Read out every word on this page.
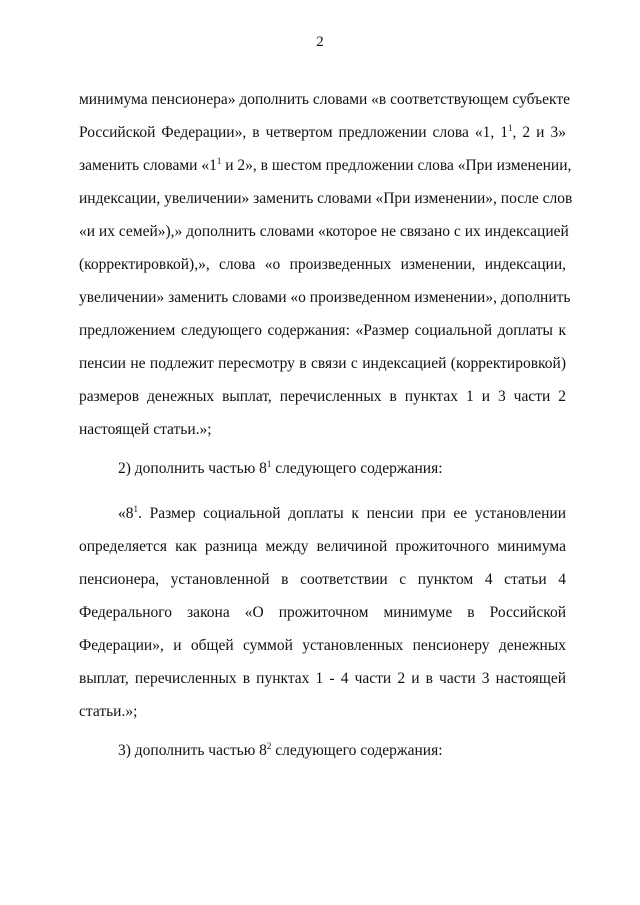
2
минимума пенсионера» дополнить словами «в соответствующем субъекте
Российской Федерации», в четвертом предложении слова «1, $1^1$, 2 и 3»
заменить словами «$1^1$ и 2», в шестом предложении слова «При изменении,
индексации, увеличении» заменить словами «При изменении», после слов
«и их семей»),» дополнить словами «которое не связано с их индексацией
(корректировкой),», слова «о произведенных изменении, индексации,
увеличении» заменить словами «о произведенном изменении», дополнить
предложением следующего содержания: «Размер социальной доплаты к
пенсии не подлежит пересмотру в связи с индексацией (корректировкой)
размеров денежных выплат, перечисленных в пунктах 1 и 3 части 2
настоящей статьи.»;
2) дополнить частью $8^1$ следующего содержания:
«$8^1$. Размер социальной доплаты к пенсии при ее установлении
определяется как разница между величиной прожиточного минимума
пенсионера, установленной в соответствии с пунктом 4 статьи 4
Федерального закона «О прожиточном минимуме в Российской
Федерации», и общей суммой установленных пенсионеру денежных
выплат, перечисленных в пунктах 1 - 4 части 2 и в части 3 настоящей
статьи.»;
3) дополнить частью $8^2$ следующего содержания:
